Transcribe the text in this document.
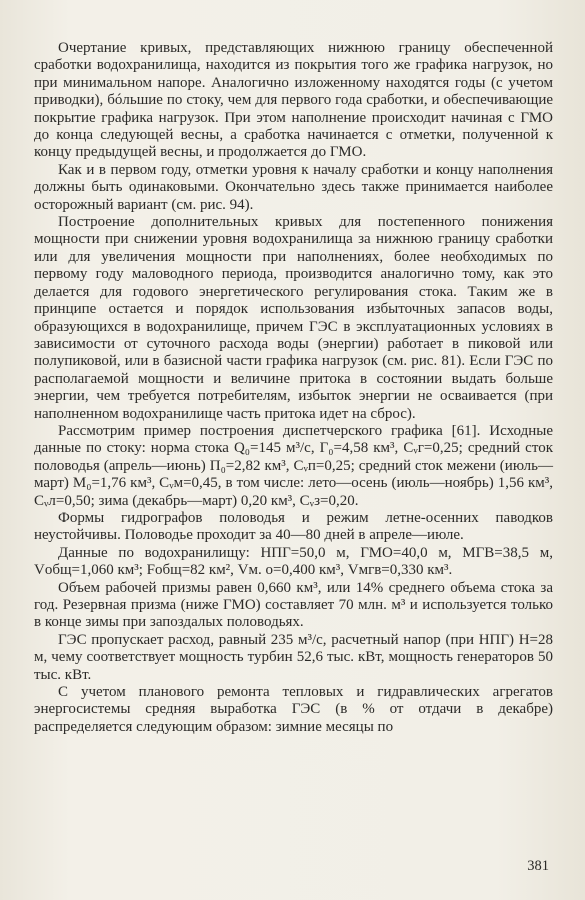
Очертание кривых, представляющих нижнюю границу обеспеченной сработки водохранилища, находится из покрытия того же графика нагрузок, но при минимальном напоре. Аналогично изложенному находятся годы (с учетом приводки), бóльшие по стоку, чем для первого года сработки, и обеспечивающие покрытие графика нагрузок. При этом наполнение происходит начиная с ГМО до конца следующей весны, а сработка начинается с отметки, полученной к концу предыдущей весны, и продолжается до ГМО.

Как и в первом году, отметки уровня к началу сработки и концу наполнения должны быть одинаковыми. Окончательно здесь также принимается наиболее осторожный вариант (см. рис. 94).

Построение дополнительных кривых для постепенного понижения мощности при снижении уровня водохранилища за нижнюю границу сработки или для увеличения мощности при наполнениях, более необходимых по первому году маловодного периода, производится аналогично тому, как это делается для годового энергетического регулирования стока. Таким же в принципе остается и порядок использования избыточных запасов воды, образующихся в водохранилище, причем ГЭС в эксплуатационных условиях в зависимости от суточного расхода воды (энергии) работает в пиковой или полупиковой, или в базисной части графика нагрузок (см. рис. 81). Если ГЭС по располагаемой мощности и величине притока в состоянии выдать больше энергии, чем требуется потребителям, избыток энергии не осваивается (при наполненном водохранилище часть притока идет на сброс).

Рассмотрим пример построения диспетчерского графика [61]. Исходные данные по стоку: норма стока Q₀=145 м³/с, Г₀=4,58 км³, Cᵥг=0,25; средний сток половодья (апрель—июнь) П₀=2,82 км³, Cᵥп=0,25; средний сток межени (июль—март) М₀=1,76 км³, Cᵥм=0,45, в том числе: лето—осень (июль—ноябрь) 1,56 км³, Cᵥл=0,50; зима (декабрь—март) 0,20 км³, Cᵥз=0,20.

Формы гидрографов половодья и режим летне-осенних паводков неустойчивы. Половодье проходит за 40—80 дней в апреле—июле.

Данные по водохранилищу: НПГ=50,0 м, ГМО=40,0 м, МГВ=38,5 м, Vобщ=1,060 км³; Fобщ=82 км², Vм. о=0,400 км³, Vмгв=0,330 км³.

Объем рабочей призмы равен 0,660 км³, или 14% среднего объема стока за год. Резервная призма (ниже ГМО) составляет 70 млн. м³ и используется только в конце зимы при запоздалых половодьях.

ГЭС пропускает расход, равный 235 м³/с, расчетный напор (при НПГ) H=28 м, чему соответствует мощность турбин 52,6 тыс. кВт, мощность генераторов 50 тыс. кВт.

С учетом планового ремонта тепловых и гидравлических агрегатов энергосистемы средняя выработка ГЭС (в % от отдачи в декабре) распределяется следующим образом: зимние месяцы по

381
